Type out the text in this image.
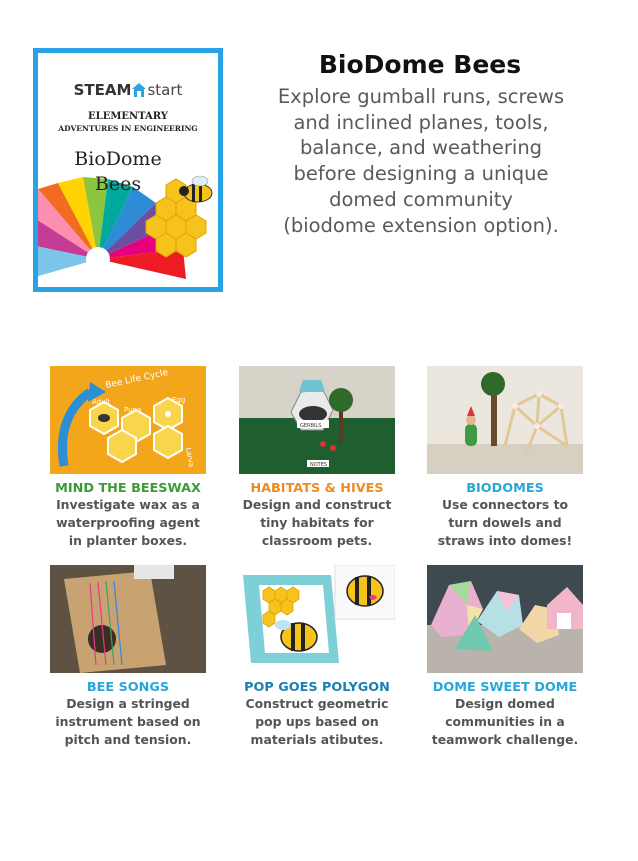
STEAM start
ELEMENTARY
ADVENTURES IN ENGINEERING
BioDome
Bees
BioDome Bees
Explore gumball runs, screws
and inclined planes, tools,
balance, and weathering
before designing a unique
domed community
(biodome extension option).
Bee Life Cycle
Adult
Pupa
Egg
Larva
MIND THE BEESWAX
Investigate wax as a
waterproofing agent
in planter boxes.
GERBILS
NOTES
HABITATS & HIVES
Design and construct
tiny habitats for
classroom pets.
BIODOMES
Use connectors to
turn dowels and
straws into domes!
BEE SONGS
Design a stringed
instrument based on
pitch and tension.
POP GOES POLYGON
Construct geometric
pop ups based on
materials atibutes.
DOME SWEET DOME
Design domed
communities in a
teamwork challenge.
